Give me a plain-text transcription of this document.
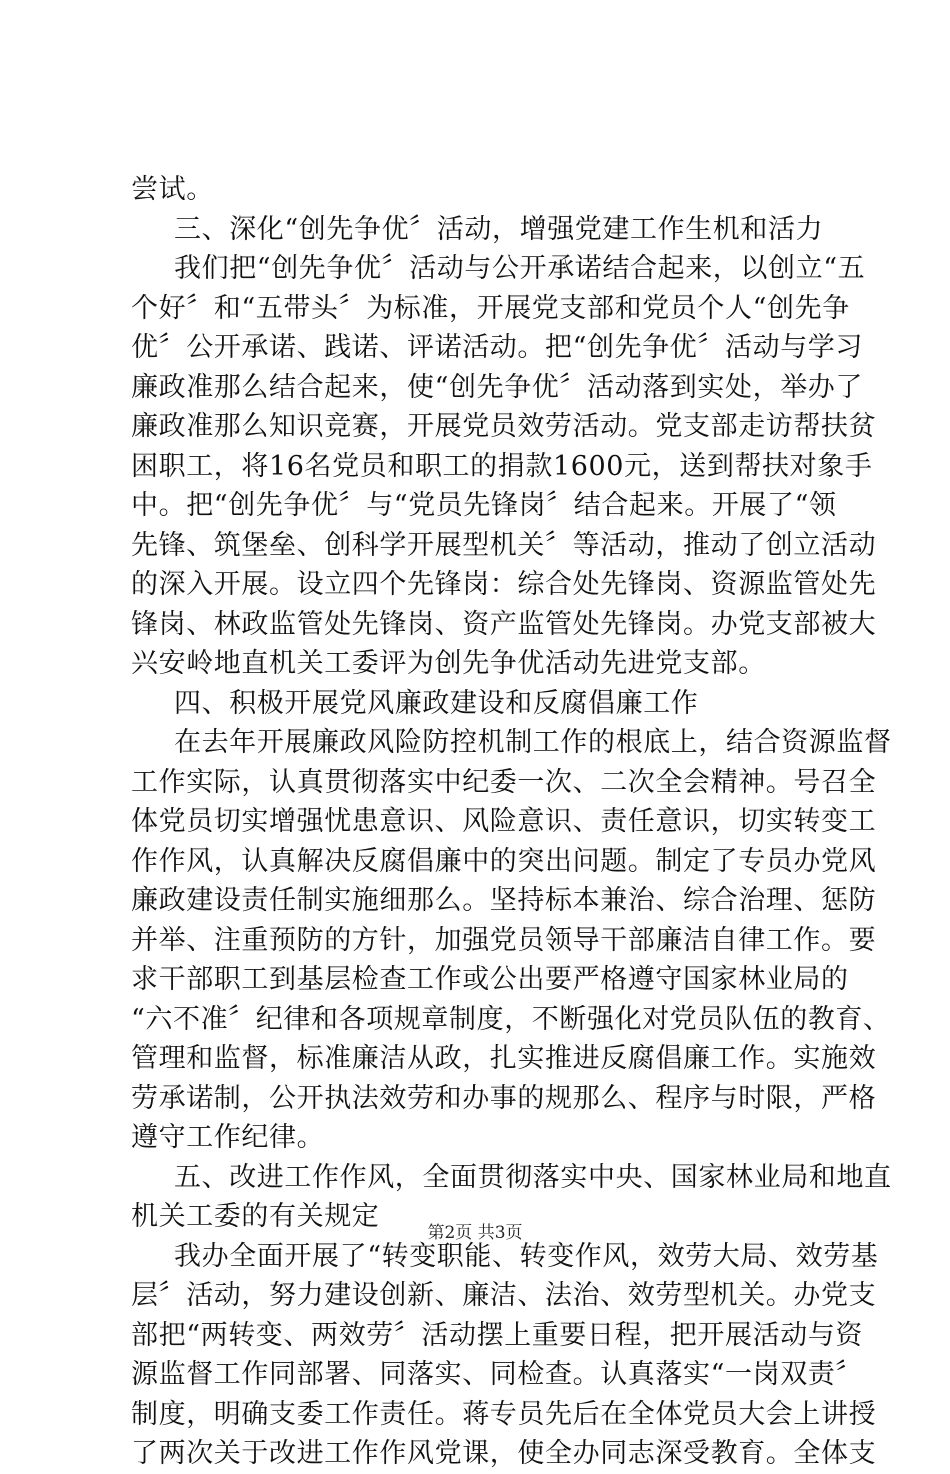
尝试。
三、深化“创先争优〞活动，增强党建工作生机和活力
我们把“创先争优〞活动与公开承诺结合起来，以创立“五
个好〞和“五带头〞为标准，开展党支部和党员个人“创先争
优〞公开承诺、践诺、评诺活动。把“创先争优〞活动与学习
廉政准那么结合起来，使“创先争优〞活动落到实处，举办了
廉政准那么知识竞赛，开展党员效劳活动。党支部走访帮扶贫
困职工，将16名党员和职工的捐款1600元，送到帮扶对象手
中。把“创先争优〞与“党员先锋岗〞结合起来。开展了“领
先锋、筑堡垒、创科学开展型机关〞等活动，推动了创立活动
的深入开展。设立四个先锋岗：综合处先锋岗、资源监管处先
锋岗、林政监管处先锋岗、资产监管处先锋岗。办党支部被大
兴安岭地直机关工委评为创先争优活动先进党支部。
四、积极开展党风廉政建设和反腐倡廉工作
在去年开展廉政风险防控机制工作的根底上，结合资源监督
工作实际，认真贯彻落实中纪委一次、二次全会精神。号召全
体党员切实增强忧患意识、风险意识、责任意识，切实转变工
作作风，认真解决反腐倡廉中的突出问题。制定了专员办党风
廉政建设责任制实施细那么。坚持标本兼治、综合治理、惩防
并举、注重预防的方针，加强党员领导干部廉洁自律工作。要
求干部职工到基层检查工作或公出要严格遵守国家林业局的
“六不准〞纪律和各项规章制度，不断强化对党员队伍的教育、
管理和监督，标准廉洁从政，扎实推进反腐倡廉工作。实施效
劳承诺制，公开执法效劳和办事的规那么、程序与时限，严格
遵守工作纪律。
五、改进工作作风，全面贯彻落实中央、国家林业局和地直
机关工委的有关规定
我办全面开展了“转变职能、转变作风，效劳大局、效劳基
层〞活动，努力建设创新、廉洁、法治、效劳型机关。办党支
部把“两转变、两效劳〞活动摆上重要日程，把开展活动与资
源监督工作同部署、同落实、同检查。认真落实“一岗双责〞
制度，明确支委工作责任。蒋专员先后在全体党员大会上讲授
了两次关于改进工作作风党课，使全办同志深受教育。全体支
第2页 共3页
